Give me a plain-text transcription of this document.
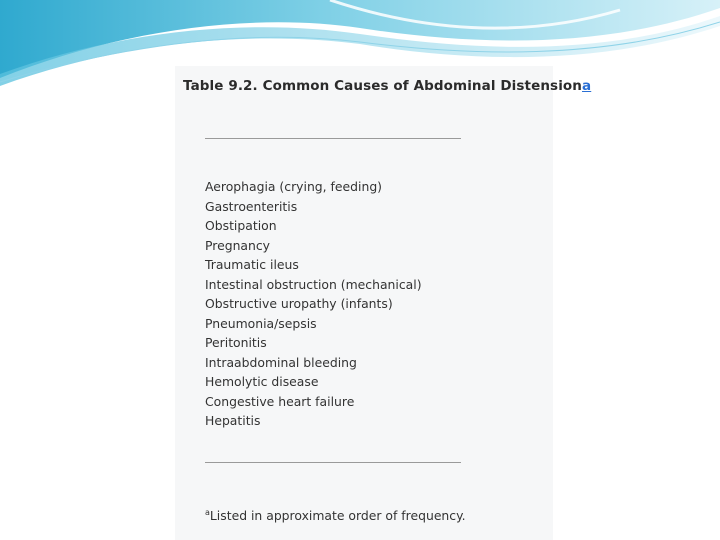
Table 9.2. Common Causes of Abdominal Distensiona
Aerophagia (crying, feeding)
Gastroenteritis
Obstipation
Pregnancy
Traumatic ileus
Intestinal obstruction (mechanical)
Obstructive uropathy (infants)
Pneumonia/sepsis
Peritonitis
Intraabdominal bleeding
Hemolytic disease
Congestive heart failure
Hepatitis
$^a$Listed in approximate order of frequency.
